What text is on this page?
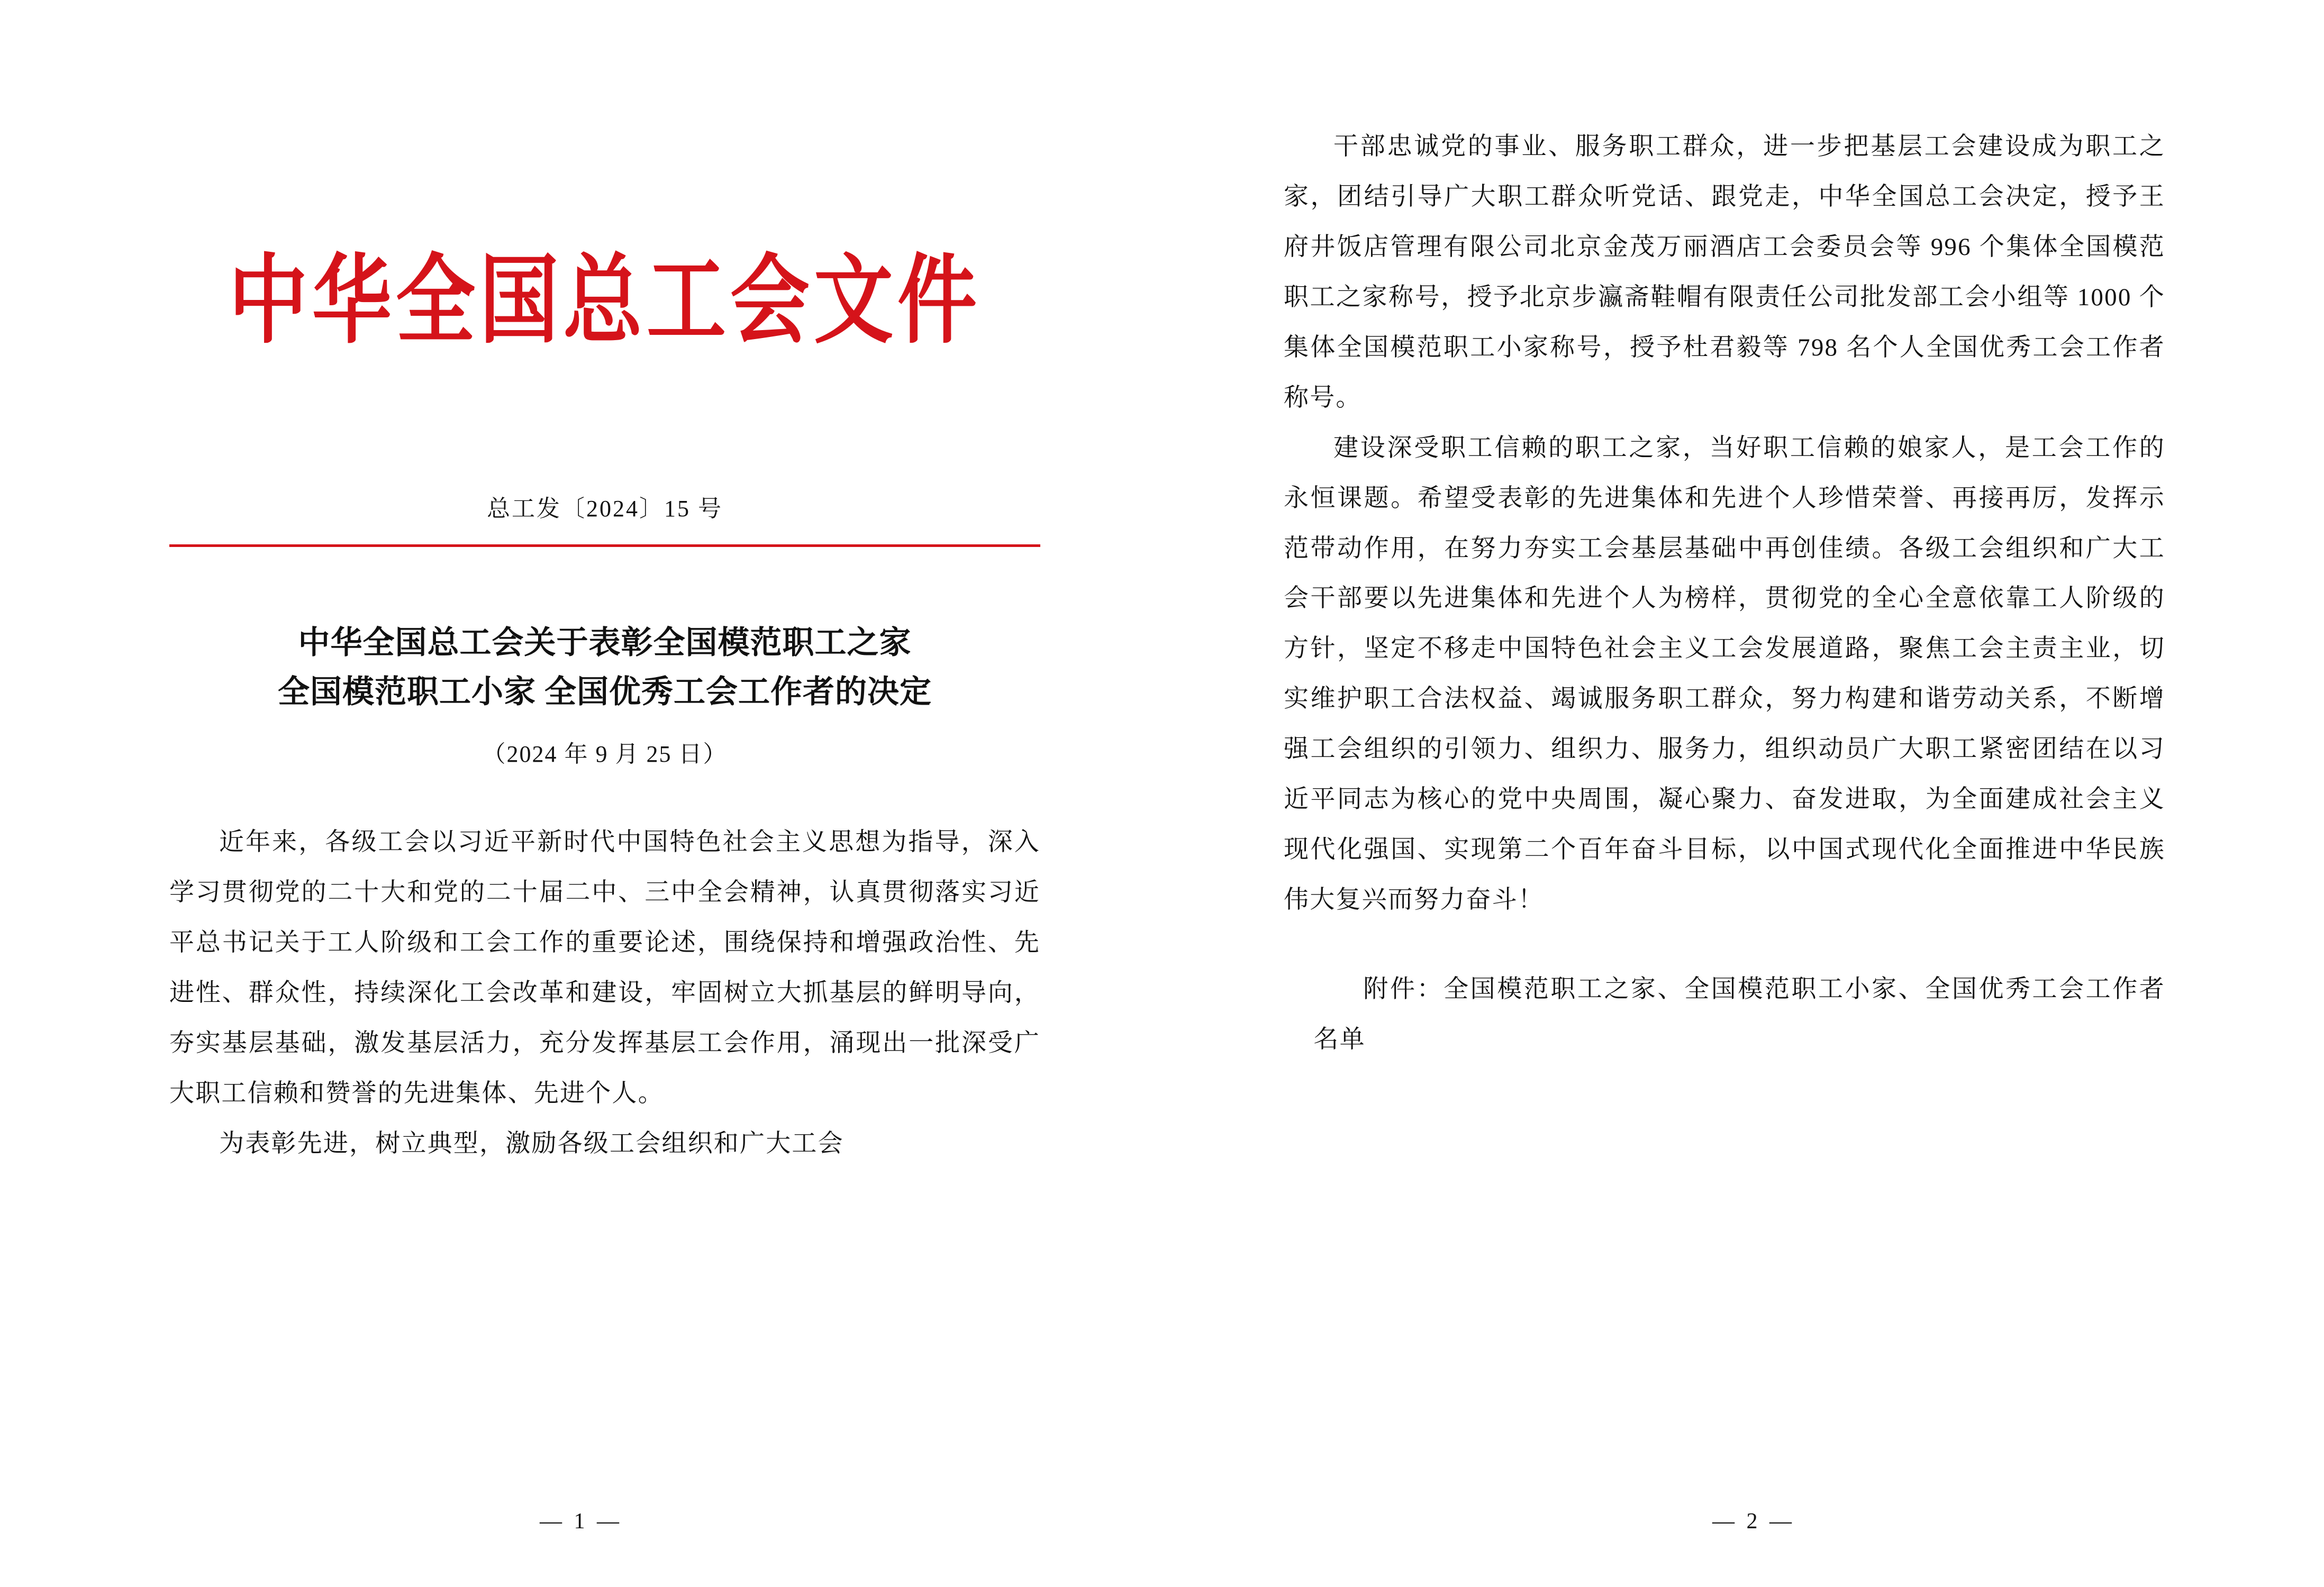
中华全国总工会文件
总工发〔2024〕15 号
中华全国总工会关于表彰全国模范职工之家
全国模范职工小家 全国优秀工会工作者的决定
（2024 年 9 月 25 日）

近年来，各级工会以习近平新时代中国特色社会主义思想为指导，深入学习贯彻党的二十大和党的二十届二中、三中全会精神，认真贯彻落实习近平总书记关于工人阶级和工会工作的重要论述，围绕保持和增强政治性、先进性、群众性，持续深化工会改革和建设，牢固树立大抓基层的鲜明导向，夯实基层基础，激发基层活力，充分发挥基层工会作用，涌现出一批深受广大职工信赖和赞誉的先进集体、先进个人。

为表彰先进，树立典型，激励各级工会组织和广大工会

— 1 —

干部忠诚党的事业、服务职工群众，进一步把基层工会建设成为职工之家，团结引导广大职工群众听党话、跟党走，中华全国总工会决定，授予王府井饭店管理有限公司北京金茂万丽酒店工会委员会等 996 个集体全国模范职工之家称号，授予北京步瀛斋鞋帽有限责任公司批发部工会小组等 1000 个集体全国模范职工小家称号，授予杜君毅等 798 名个人全国优秀工会工作者称号。

建设深受职工信赖的职工之家，当好职工信赖的娘家人，是工会工作的永恒课题。希望受表彰的先进集体和先进个人珍惜荣誉、再接再厉，发挥示范带动作用，在努力夯实工会基层基础中再创佳绩。各级工会组织和广大工会干部要以先进集体和先进个人为榜样，贯彻党的全心全意依靠工人阶级的方针，坚定不移走中国特色社会主义工会发展道路，聚焦工会主责主业，切实维护职工合法权益、竭诚服务职工群众，努力构建和谐劳动关系，不断增强工会组织的引领力、组织力、服务力，组织动员广大职工紧密团结在以习近平同志为核心的党中央周围，凝心聚力、奋发进取，为全面建成社会主义现代化强国、实现第二个百年奋斗目标，以中国式现代化全面推进中华民族伟大复兴而努力奋斗！

附件：全国模范职工之家、全国模范职工小家、全国优秀工会工作者名单
— 2 —
